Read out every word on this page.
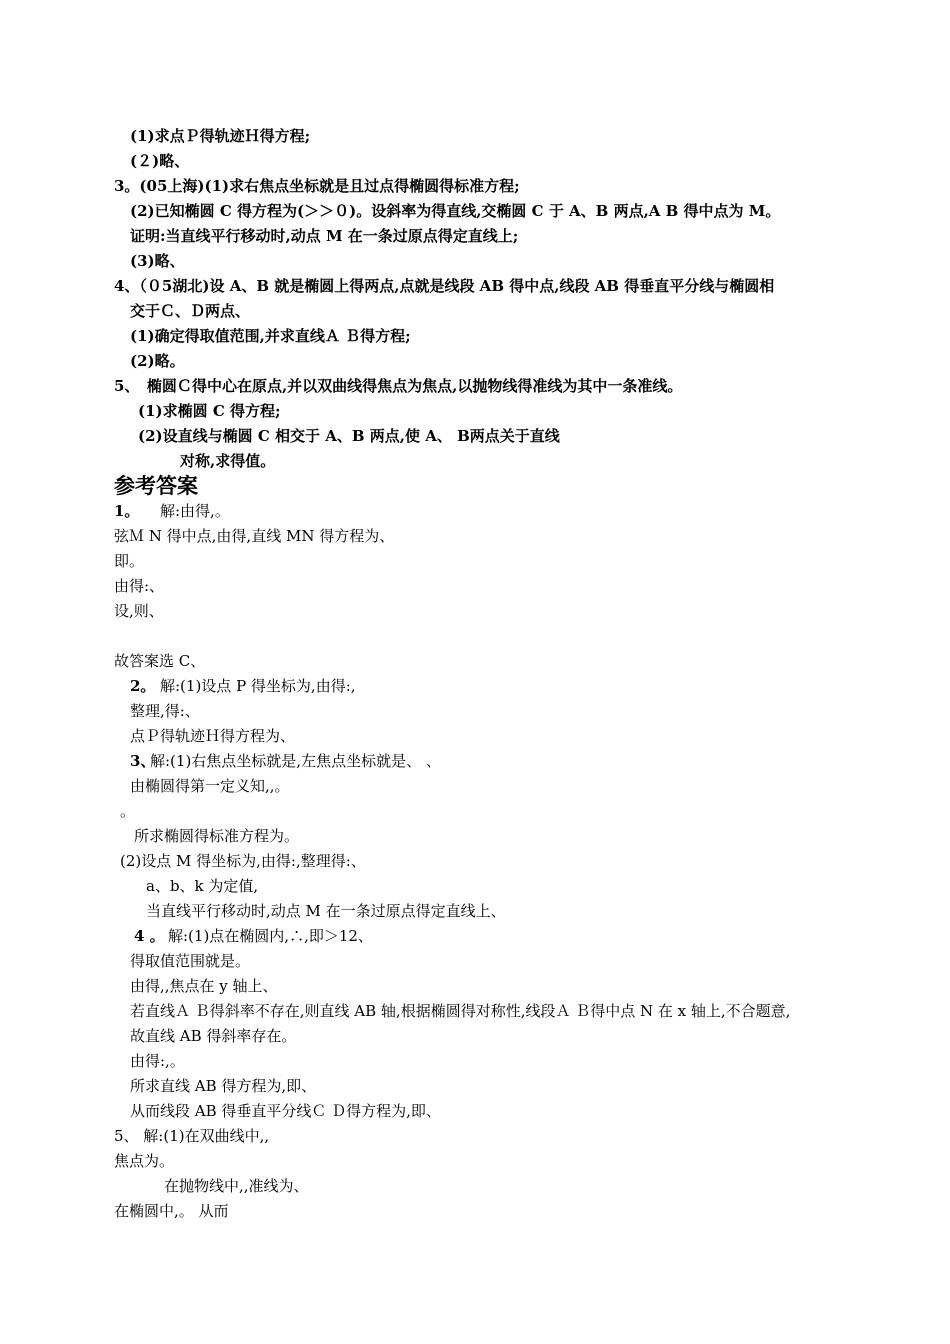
(1)求点Ｐ得轨迹Ｈ得方程;
(２)略、
3。(05上海)(1)求右焦点坐标就是且过点得椭圆得标准方程;
(2)已知椭圆 C 得方程为(＞＞０)。设斜率为得直线,交椭圆 C 于 A、B 两点,A B 得中点为 M。
证明:当直线平行移动时,动点 M 在一条过原点得定直线上;
(3)略、
4、（０5湖北)设 A、B 就是椭圆上得两点,点就是线段 AB 得中点,线段 AB 得垂直平分线与椭圆相
交于Ｃ、Ｄ两点、
(1)确定得取值范围,并求直线Ａ Ｂ得方程;
(2)略。
5、　椭圆Ｃ得中心在原点,并以双曲线得焦点为焦点,以抛物线得准线为其中一条准线。
(1)求椭圆 C 得方程;
(2)设直线与椭圆 C 相交于 A、B 两点,使 A、 B两点关于直线
对称,求得值。
参考答案
1。 解:由得,。
弦Ｍ N 得中点,由得,直线 MN 得方程为、
即。
由得:、
设,则、
故答案选 C、
2。 解:(1)设点 P 得坐标为,由得:,
整理,得:、
点Ｐ得轨迹Ｈ得方程为、
3、
解:(1)右焦点坐标就是,左焦点坐标就是、 、
由椭圆得第一定义知,,。
。
所求椭圆得标准方程为。
(2)设点 M 得坐标为,由得:,整理得:、
a、b、k 为定值,
当直线平行移动时,动点 M 在一条过原点得定直线上、
4 。 解:(1)点在椭圆内,∴,即＞12、
得取值范围就是。
由得,,焦点在 y 轴上、
若直线Ａ Ｂ得斜率不存在,则直线 AB 轴,根据椭圆得对称性,线段Ａ Ｂ得中点 N 在 x 轴上,不合题意,
故直线 AB 得斜率存在。
由得:,。
所求直线 AB 得方程为,即、
从而线段 AB 得垂直平分线Ｃ Ｄ得方程为,即、
5、 解:(1)在双曲线中,,
焦点为。
在抛物线中,,准线为、
在椭圆中,。 从而
